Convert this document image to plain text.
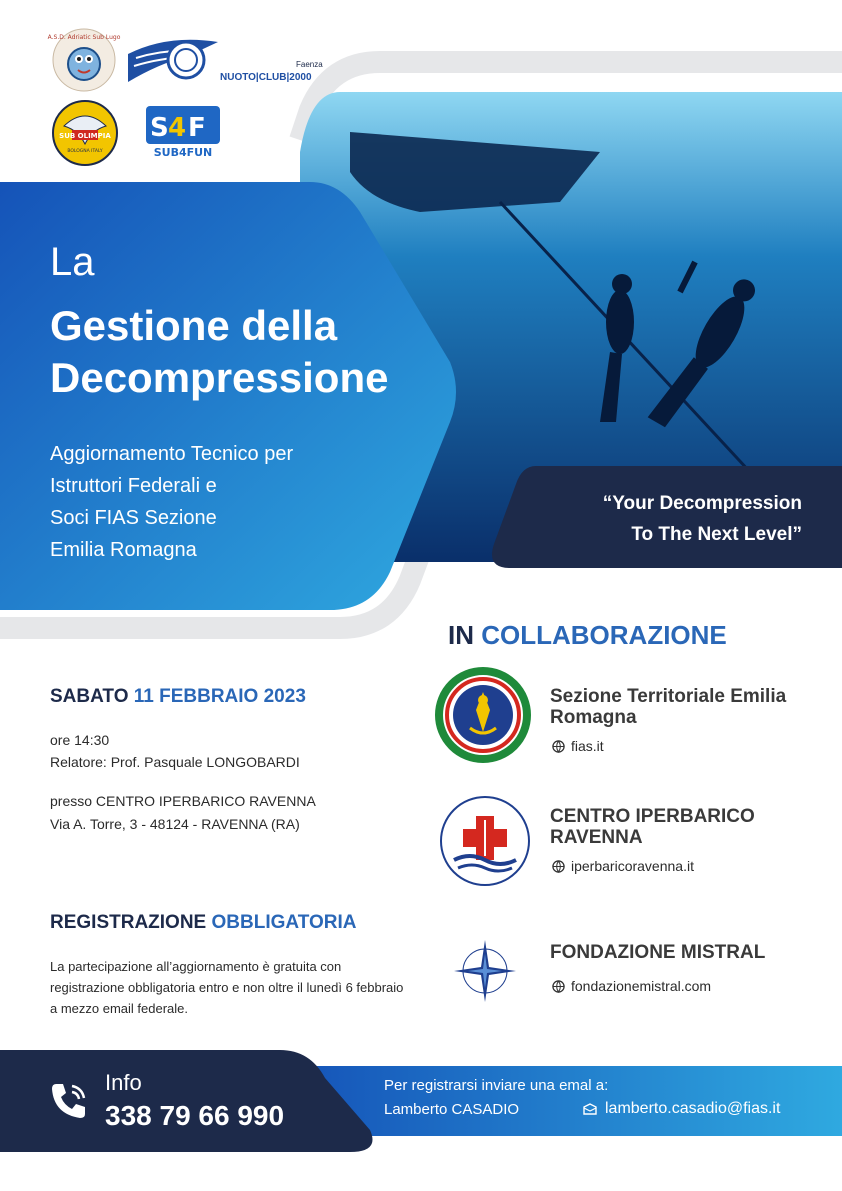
A.S.D. Adriatic Sub Lugo
Faenza
NUOTO|CLUB|2000
SUB OLIMPIA
BOLOGNA ITALY
S 4 F
SUB4FUN
La
Gestione della
Decompressione
Aggiornamento Tecnico per
Istruttori Federali e
Soci FIAS Sezione
Emilia Romagna
“Your Decompression
To The Next Level”
SABATO 11 FEBBRAIO 2023
ore 14:30
Relatore: Prof. Pasquale LONGOBARDI
presso CENTRO IPERBARICO RAVENNA
Via A. Torre, 3 - 48124 - RAVENNA (RA)
REGISTRAZIONE OBBLIGATORIA
La partecipazione all’aggiornamento è gratuita con registrazione obbligatoria entro e non oltre il lunedì 6 febbraio a mezzo email federale.
IN COLLABORAZIONE
Sezione Territoriale Emilia Romagna
fias.it
CENTRO IPERBARICO RAVENNA
iperbaricoravenna.it
FONDAZIONE MISTRAL
fondazionemistral.com
Info
338 79 66 990
Per registrarsi inviare una emal a:
Lamberto CASADIO	lamberto.casadio@fias.it
